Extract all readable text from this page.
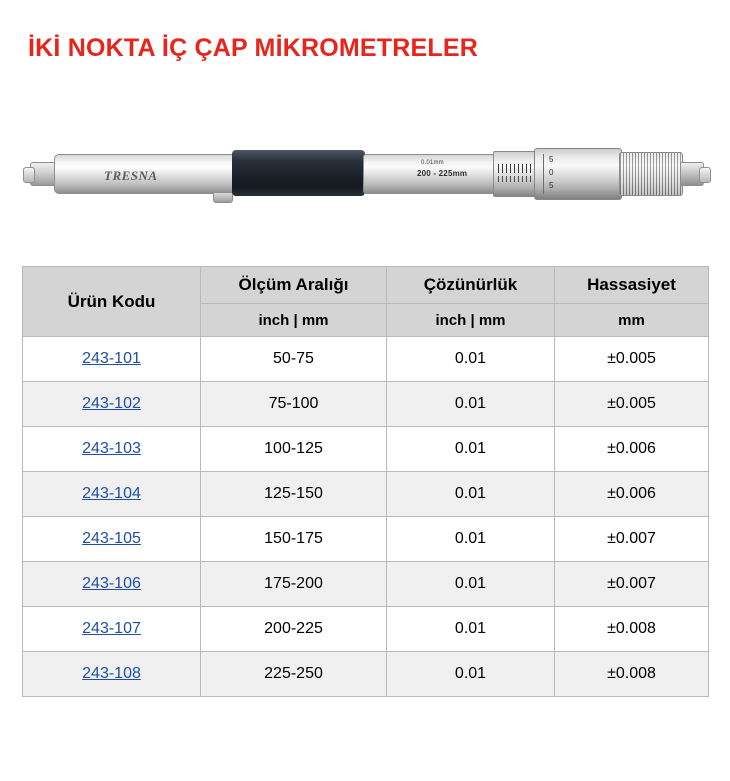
İKİ NOKTA İÇ ÇAP MİKROMETRELER
TRESNA
0.01mm
200 - 225mm
5
0
5
Ürün Kodu	Ölçüm Aralığı	Çözünürlük	Hassasiyet
	inch | mm	inch | mm	mm
243-101	50-75	0.01	±0.005
243-102	75-100	0.01	±0.005
243-103	100-125	0.01	±0.006
243-104	125-150	0.01	±0.006
243-105	150-175	0.01	±0.007
243-106	175-200	0.01	±0.007
243-107	200-225	0.01	±0.008
243-108	225-250	0.01	±0.008
